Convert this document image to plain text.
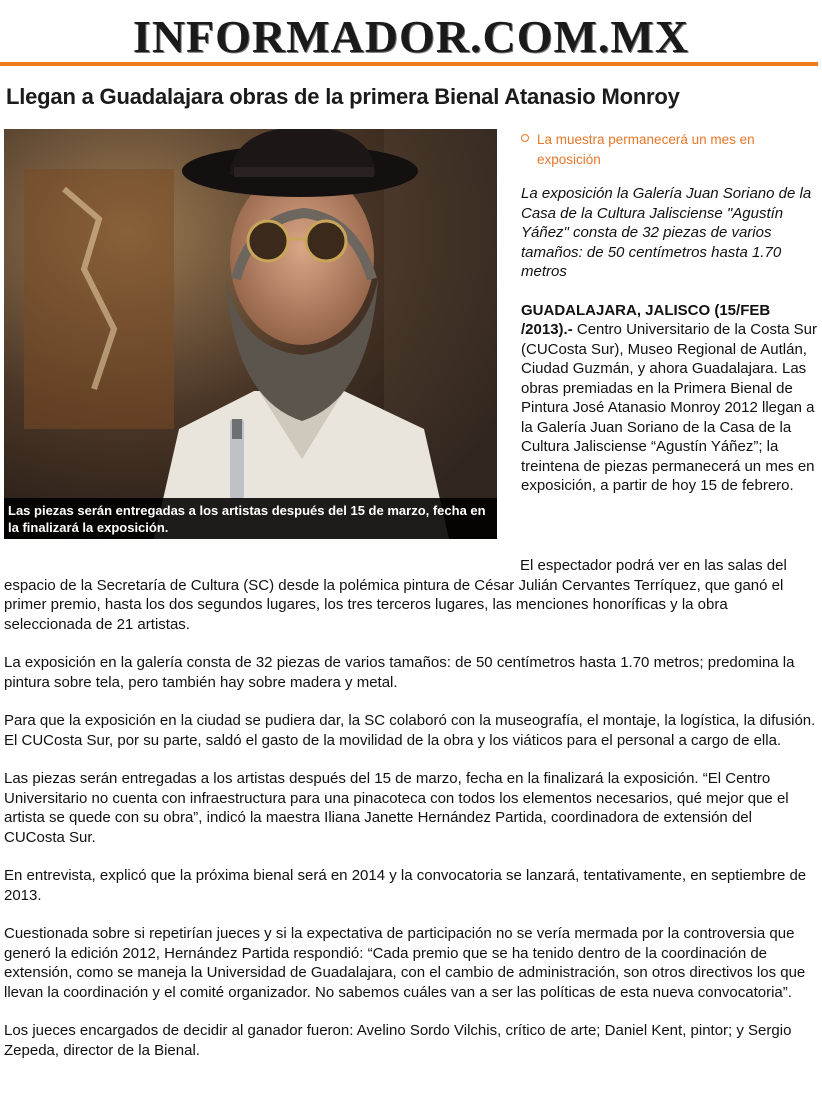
INFORMADOR.COM.MX
Llegan a Guadalajara obras de la primera Bienal Atanasio Monroy
Las piezas serán entregadas a los artistas después del 15 de marzo, fecha en la finalizará la exposición.
La muestra permanecerá un mes en exposición
La exposición la Galería Juan Soriano de la Casa de la Cultura Jalisciense "Agustín Yáñez" consta de 32 piezas de varios tamaños: de 50 centímetros hasta 1.70 metros
GUADALAJARA, JALISCO (15/FEB /2013).- Centro Universitario de la Costa Sur (CUCosta Sur), Museo Regional de Autlán, Ciudad Guzmán, y ahora Guadalajara. Las obras premiadas en la Primera Bienal de Pintura José Atanasio Monroy 2012 llegan a la Galería Juan Soriano de la Casa de la Cultura Jalisciense “Agustín Yáñez”; la treintena de piezas permanecerá un mes en exposición, a partir de hoy 15 de febrero.

El espectador podrá ver en las salas del
espacio de la Secretaría de Cultura (SC) desde la polémica pintura de César Julián Cervantes Terríquez, que ganó el primer premio, hasta los dos segundos lugares, los tres terceros lugares, las menciones honoríficas y la obra seleccionada de 21 artistas.

La exposición en la galería consta de 32 piezas de varios tamaños: de 50 centímetros hasta 1.70 metros; predomina la pintura sobre tela, pero también hay sobre madera y metal.

Para que la exposición en la ciudad se pudiera dar, la SC colaboró con la museografía, el montaje, la logística, la difusión. El CUCosta Sur, por su parte, saldó el gasto de la movilidad de la obra y los viáticos para el personal a cargo de ella.

Las piezas serán entregadas a los artistas después del 15 de marzo, fecha en la finalizará la exposición. “El Centro Universitario no cuenta con infraestructura para una pinacoteca con todos los elementos necesarios, qué mejor que el artista se quede con su obra”, indicó la maestra Iliana Janette Hernández Partida, coordinadora de extensión del CUCosta Sur.

En entrevista, explicó que la próxima bienal será en 2014 y la convocatoria se lanzará, tentativamente, en septiembre de 2013.

Cuestionada sobre si repetirían jueces y si la expectativa de participación no se vería mermada por la controversia que generó la edición 2012, Hernández Partida respondió: “Cada premio que se ha tenido dentro de la coordinación de extensión, como se maneja la Universidad de Guadalajara, con el cambio de administración, son otros directivos los que llevan la coordinación y el comité organizador. No sabemos cuáles van a ser las políticas de esta nueva convocatoria”.

Los jueces encargados de decidir al ganador fueron: Avelino Sordo Vilchis, crítico de arte; Daniel Kent, pintor; y Sergio Zepeda, director de la Bienal.
